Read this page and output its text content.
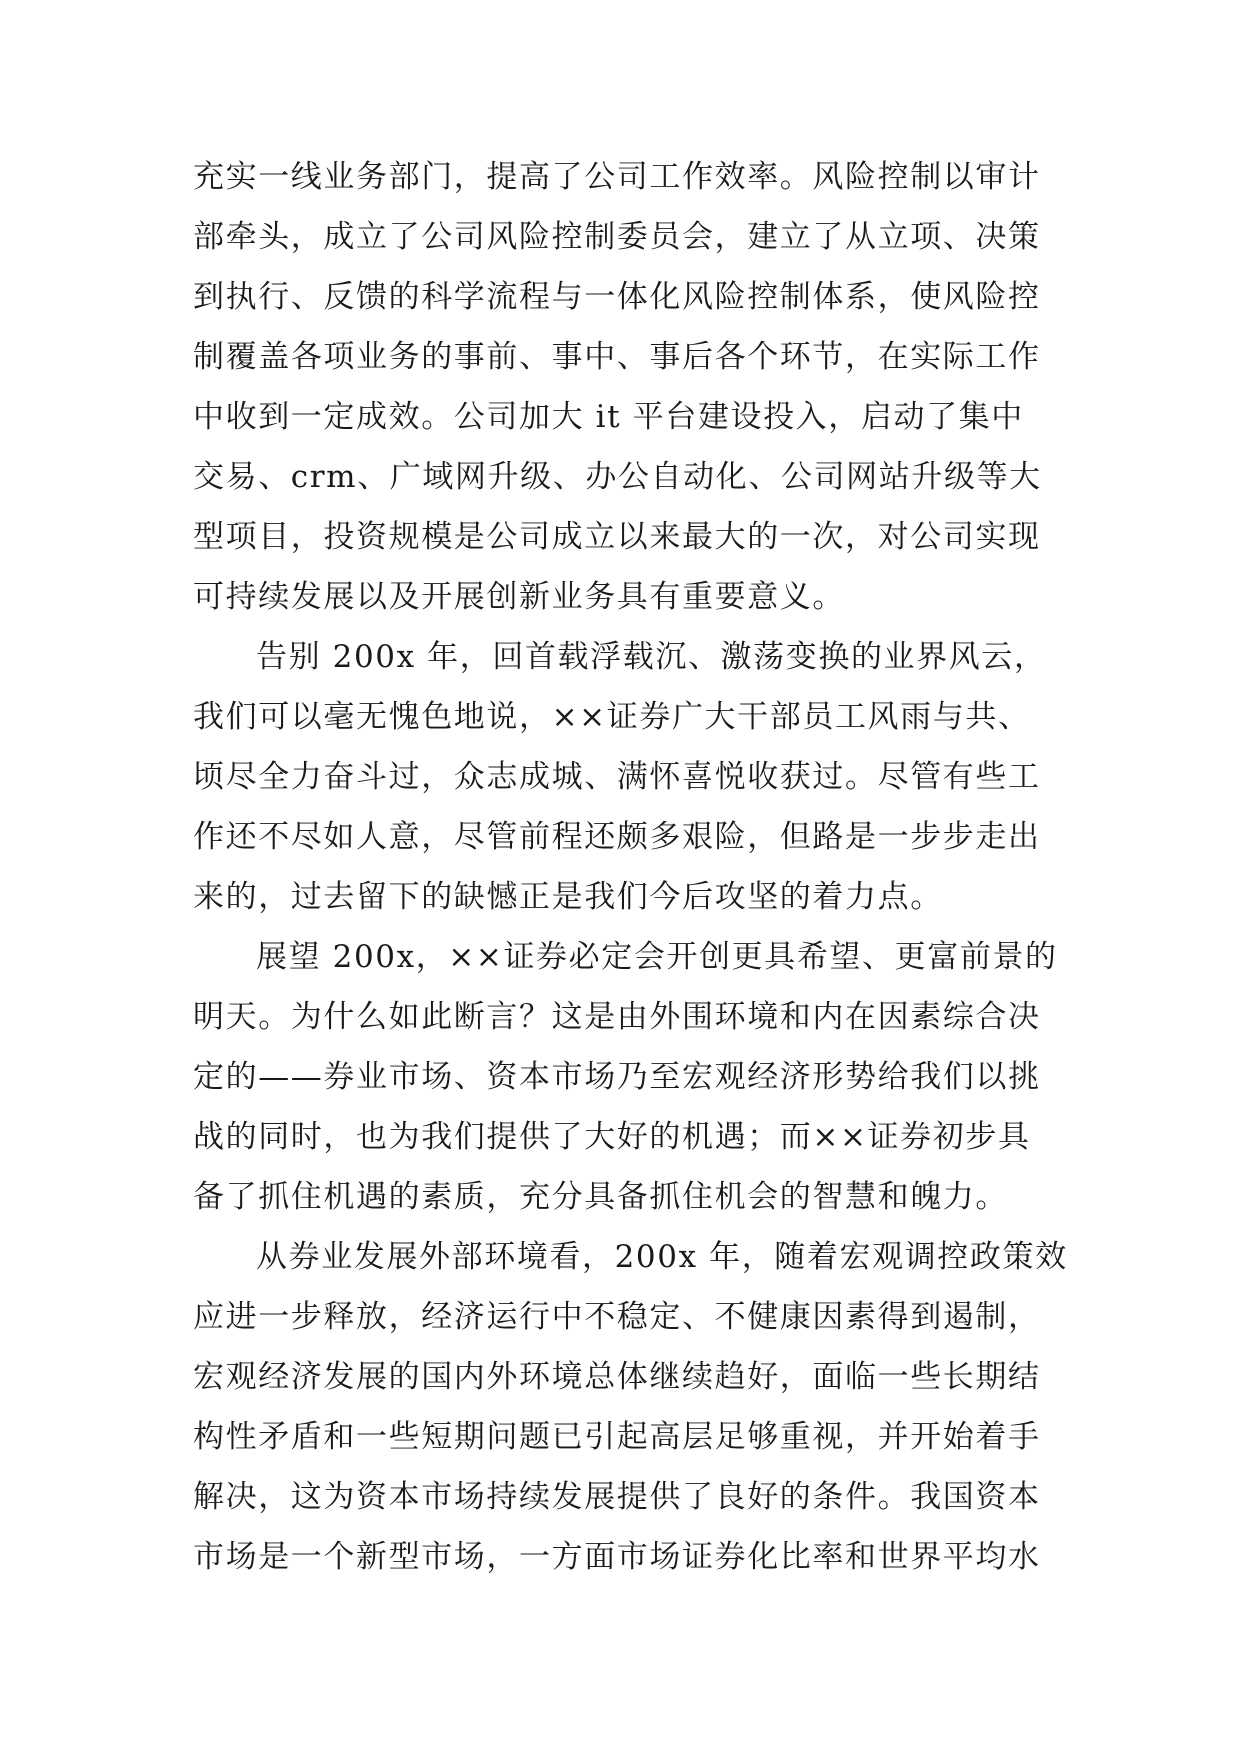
充实一线业务部门，提高了公司工作效率。风险控制以审计
部牵头，成立了公司风险控制委员会，建立了从立项、决策
到执行、反馈的科学流程与一体化风险控制体系，使风险控
制覆盖各项业务的事前、事中、事后各个环节，在实际工作
中收到一定成效。公司加大 it 平台建设投入，启动了集中
交易、crm、广域网升级、办公自动化、公司网站升级等大
型项目，投资规模是公司成立以来最大的一次，对公司实现
可持续发展以及开展创新业务具有重要意义。
告别 200x 年，回首载浮载沉、激荡变换的业界风云，
我们可以毫无愧色地说，××证券广大干部员工风雨与共、
顷尽全力奋斗过，众志成城、满怀喜悦收获过。尽管有些工
作还不尽如人意，尽管前程还颇多艰险，但路是一步步走出
来的，过去留下的缺憾正是我们今后攻坚的着力点。
展望 200x，××证券必定会开创更具希望、更富前景的
明天。为什么如此断言？这是由外围环境和内在因素综合决
定的——券业市场、资本市场乃至宏观经济形势给我们以挑
战的同时，也为我们提供了大好的机遇；而××证券初步具
备了抓住机遇的素质，充分具备抓住机会的智慧和魄力。
从券业发展外部环境看，200x 年，随着宏观调控政策效
应进一步释放，经济运行中不稳定、不健康因素得到遏制，
宏观经济发展的国内外环境总体继续趋好，面临一些长期结
构性矛盾和一些短期问题已引起高层足够重视，并开始着手
解决，这为资本市场持续发展提供了良好的条件。我国资本
市场是一个新型市场，一方面市场证券化比率和世界平均水
